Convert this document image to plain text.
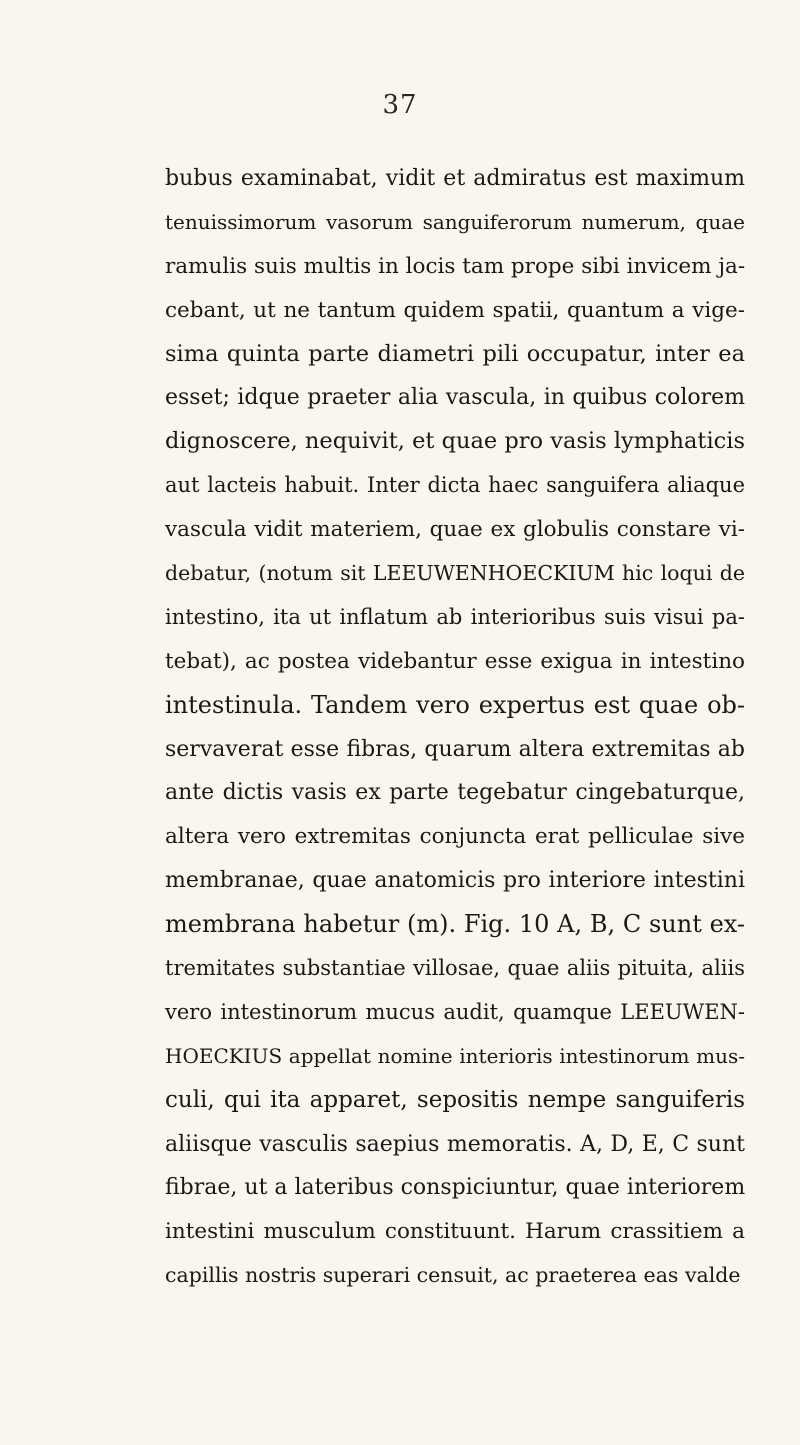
37
bubus examinabat, vidit et admiratus est maximum
tenuissimorum vasorum sanguiferorum numerum, quae
ramulis suis multis in locis tam prope sibi invicem ja-
cebant, ut ne tantum quidem spatii, quantum a vige-
sima quinta parte diametri pili occupatur, inter ea
esset; idque praeter alia vascula, in quibus colorem
dignoscere, nequivit, et quae pro vasis lymphaticis
aut lacteis habuit. Inter dicta haec sanguifera aliaque
vascula vidit materiem, quae ex globulis constare vi-
debatur, (notum sit LEEUWENHOECKIUM hic loqui de
intestino, ita ut inflatum ab interioribus suis visui pa-
tebat), ac postea videbantur esse exigua in intestino
intestinula. Tandem vero expertus est quae ob-
servaverat esse fibras, quarum altera extremitas ab
ante dictis vasis ex parte tegebatur cingebaturque,
altera vero extremitas conjuncta erat pelliculae sive
membranae, quae anatomicis pro interiore intestini
membrana habetur (m). Fig. 10 A, B, C sunt ex-
tremitates substantiae villosae, quae aliis pituita, aliis
vero intestinorum mucus audit, quamque LEEUWEN-
HOECKIUS appellat nomine interioris intestinorum mus-
culi, qui ita apparet, sepositis nempe sanguiferis
aliisque vasculis saepius memoratis. A, D, E, C sunt
fibrae, ut a lateribus conspiciuntur, quae interiorem
intestini musculum constituunt. Harum crassitiem a
capillis nostris superari censuit, ac praeterea eas valde
